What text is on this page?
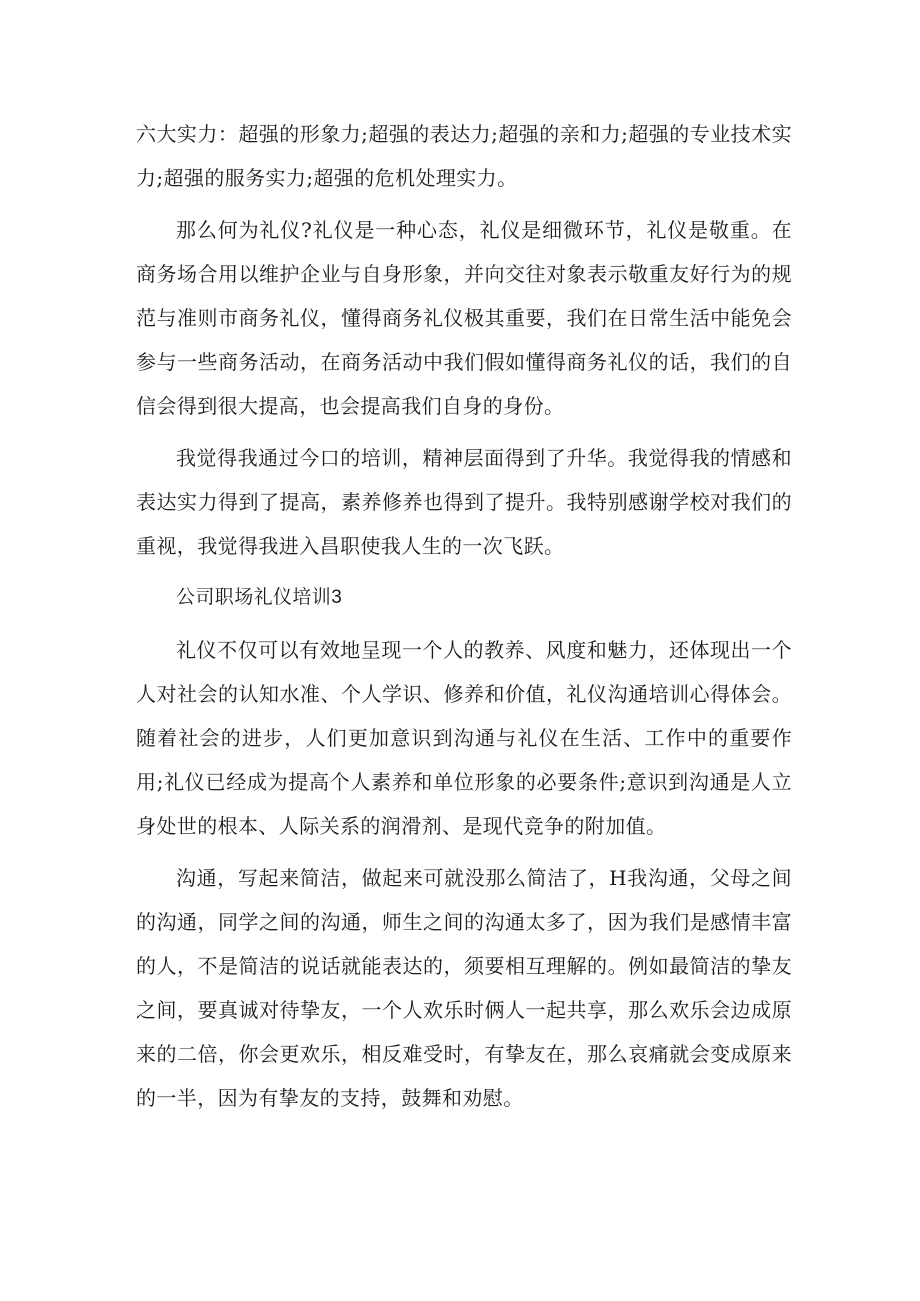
六大实力：超强的形象力;超强的表达力;超强的亲和力;超强的专业技术实力;超强的服务实力;超强的危机处理实力。

那么何为礼仪?礼仪是一种心态，礼仪是细微环节，礼仪是敬重。在商务场合用以维护企业与自身形象，并向交往对象表示敬重友好行为的规范与准则市商务礼仪，懂得商务礼仪极其重要，我们在日常生活中能免会参与一些商务活动，在商务活动中我们假如懂得商务礼仪的话，我们的自信会得到很大提高，也会提高我们自身的身份。

我觉得我通过今口的培训，精神层面得到了升华。我觉得我的情感和表达实力得到了提高，素养修养也得到了提升。我特别感谢学校对我们的重视，我觉得我进入昌职使我人生的一次飞跃。

公司职场礼仪培训3

礼仪不仅可以有效地呈现一个人的教养、风度和魅力，还体现出一个人对社会的认知水准、个人学识、修养和价值，礼仪沟通培训心得体会。随着社会的进步，人们更加意识到沟通与礼仪在生活、工作中的重要作用;礼仪已经成为提高个人素养和单位形象的必要条件;意识到沟通是人立身处世的根本、人际关系的润滑剂、是现代竞争的附加值。

沟通，写起来简洁，做起来可就没那么简洁了，H我沟通，父母之间的沟通，同学之间的沟通，师生之间的沟通太多了，因为我们是感情丰富的人，不是简洁的说话就能表达的，须要相互理解的。例如最简洁的挚友之间，要真诚对待挚友，一个人欢乐时俩人一起共享，那么欢乐会边成原来的二倍，你会更欢乐，相反难受时，有挚友在，那么哀痛就会变成原来的一半，因为有挚友的支持，鼓舞和劝慰。
